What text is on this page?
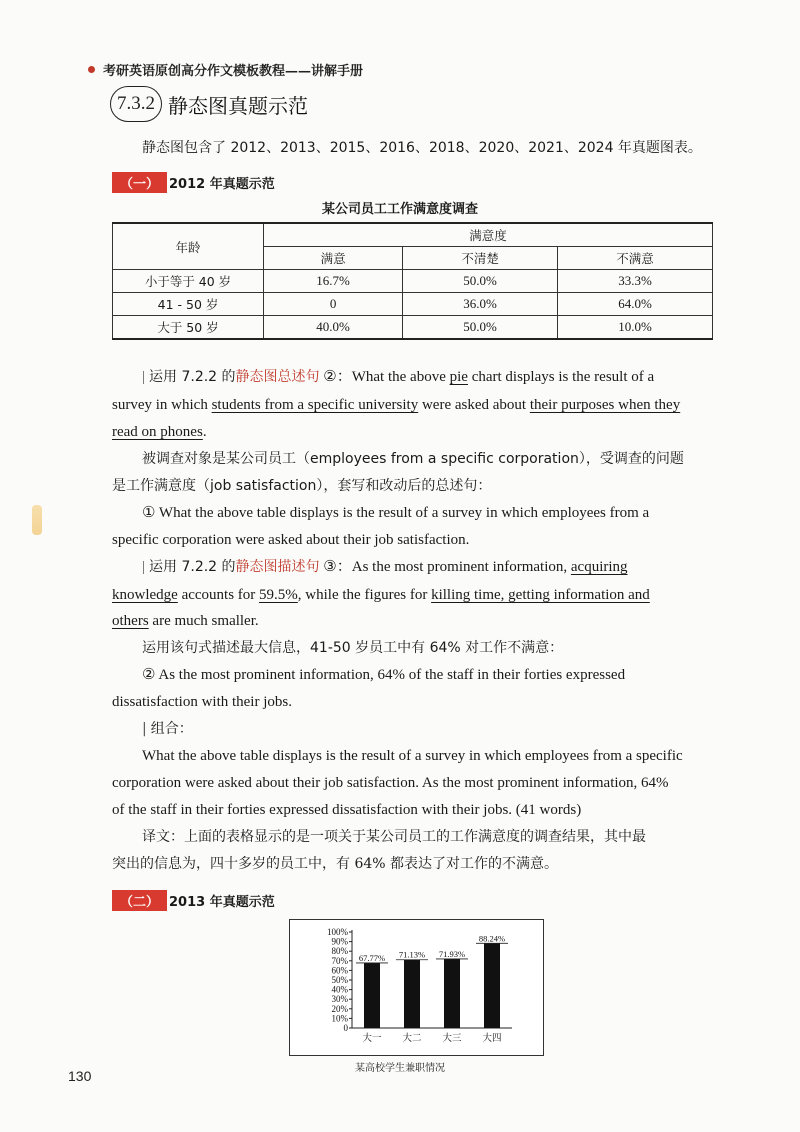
考研英语原创高分作文模板教程——讲解手册
7.3.2 静态图真题示范
静态图包含了 2012、2013、2015、2016、2018、2020、2021、2024 年真题图表。
（一） 2012 年真题示范
某公司员工工作满意度调查
年龄	满意度		
	满意	不清楚	不满意
小于等于 40 岁	16.7%	50.0%	33.3%
41 - 50 岁	0	36.0%	64.0%
大于 50 岁	40.0%	50.0%	10.0%
| 运用 7.2.2 的静态图总述句 ②：What the above pie chart displays is the result of a
survey in which students from a specific university were asked about their purposes when they
read on phones.
被调查对象是某公司员工（employees from a specific corporation），受调查的问题
是工作满意度（job satisfaction），套写和改动后的总述句：
① What the above table displays is the result of a survey in which employees from a
specific corporation were asked about their job satisfaction.
| 运用 7.2.2 的静态图描述句 ③：As the most prominent information, acquiring
knowledge accounts for 59.5%, while the figures for killing time, getting information and
others are much smaller.
运用该句式描述最大信息，41-50 岁员工中有 64% 对工作不满意：
② As the most prominent information, 64% of the staff in their forties expressed
dissatisfaction with their jobs.
| 组合：
What the above table displays is the result of a survey in which employees from a specific
corporation were asked about their job satisfaction. As the most prominent information, 64%
of the staff in their forties expressed dissatisfaction with their jobs. (41 words)
译文：上面的表格显示的是一项关于某公司员工的工作满意度的调查结果，其中最
突出的信息为，四十多岁的员工中，有 64% 都表达了对工作的不满意。
（二） 2013 年真题示范
0
10%
20%
30%
40%
50%
60%
70%
80%
90%
100%
67.77%
大一
71.13%
大二
71.93%
大三
88.24%
大四
某高校学生兼职情况
130
